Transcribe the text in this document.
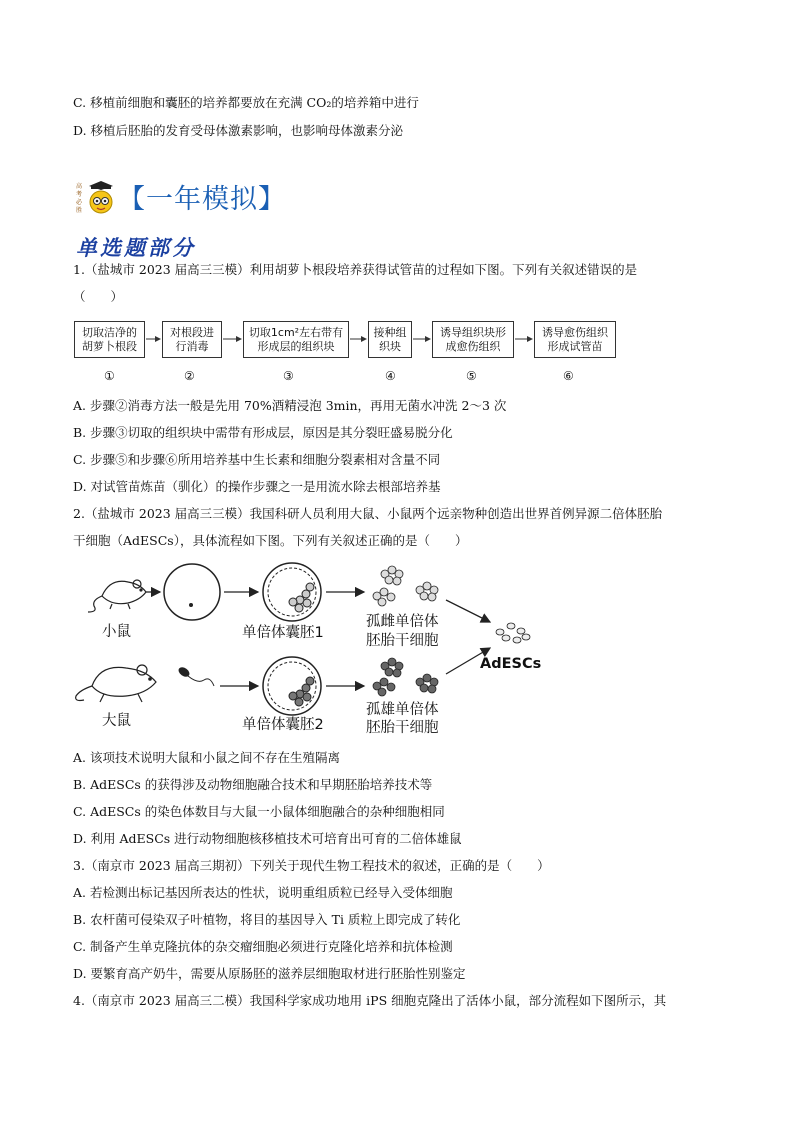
C. 移植前细胞和囊胚的培养都要放在充满 CO₂的培养箱中进行
D. 移植后胚胎的发育受母体激素影响，也影响母体激素分泌
高
考
必
胜 【一年模拟】
单选题部分
1.（盐城市 2023 届高三三模）利用胡萝卜根段培养获得试管苗的过程如下图。下列有关叙述错误的是
（　　）
切取洁净的胡萝卜根段
对根段进行消毒
切取1cm²左右带有形成层的组织块
接种组织块
诱导组织块形成愈伤组织
诱导愈伤组织形成试管苗
①	②	③	④	⑤	⑥
A. 步骤②消毒方法一般是先用 70%酒精浸泡 3min，再用无菌水冲洗 2～3 次
B. 步骤③切取的组织块中需带有形成层，原因是其分裂旺盛易脱分化
C. 步骤⑤和步骤⑥所用培养基中生长素和细胞分裂素相对含量不同
D. 对试管苗炼苗（驯化）的操作步骤之一是用流水除去根部培养基
2.（盐城市 2023 届高三三模）我国科研人员利用大鼠、小鼠两个远亲物种创造出世界首例异源二倍体胚胎
干细胞（AdESCs），具体流程如下图。下列有关叙述正确的是（　　）
小鼠
大鼠
单倍体囊胚1
单倍体囊胚2
孤雌单倍体
胚胎干细胞
孤雄单倍体
胚胎干细胞
AdESCs
A. 该项技术说明大鼠和小鼠之间不存在生殖隔离
B. AdESCs 的获得涉及动物细胞融合技术和早期胚胎培养技术等
C. AdESCs 的染色体数目与大鼠一小鼠体细胞融合的杂种细胞相同
D. 利用 AdESCs 进行动物细胞核移植技术可培育出可育的二倍体雄鼠
3.（南京市 2023 届高三期初）下列关于现代生物工程技术的叙述，正确的是（　　）
A. 若检测出标记基因所表达的性状，说明重组质粒已经导入受体细胞
B. 农杆菌可侵染双子叶植物，将目的基因导入 Ti 质粒上即完成了转化
C. 制备产生单克隆抗体的杂交瘤细胞必须进行克隆化培养和抗体检测
D. 要繁育高产奶牛，需要从原肠胚的滋养层细胞取材进行胚胎性别鉴定
4.（南京市 2023 届高三二模）我国科学家成功地用 iPS 细胞克隆出了活体小鼠，部分流程如下图所示，其
